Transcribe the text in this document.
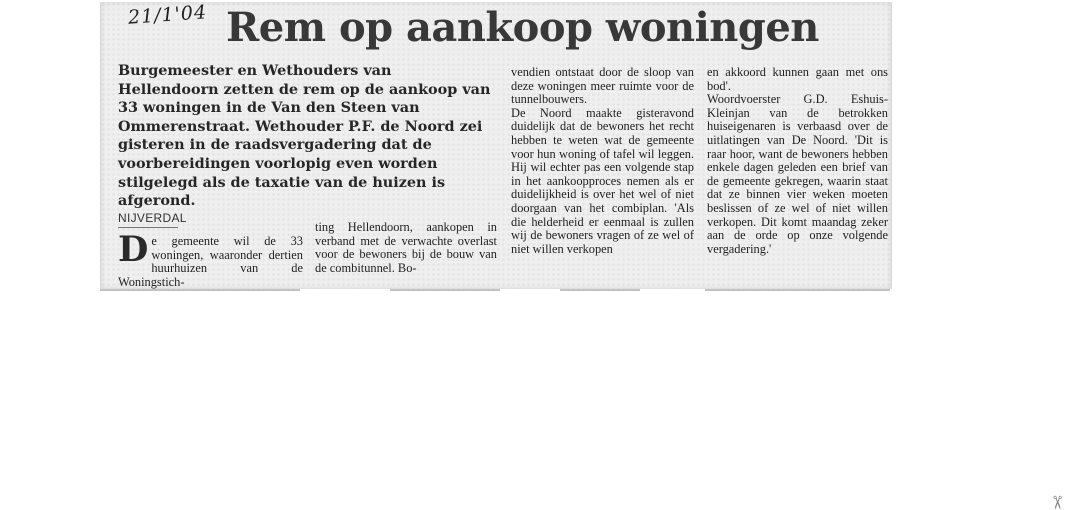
21/1'04 Rem op aankoop woningen

Burgemeester en Wethouders van Hellendoorn zetten de rem op de aankoop van 33 woningen in de Van den Steen van Ommerenstraat. Wethouder P.F. de Noord zei gisteren in de raadsvergadering dat de voorbereidingen voorlopig even worden stilgelegd als de taxatie van de huizen is afgerond.

NIJVERDAL

De gemeente wil de 33 woningen, waaronder dertien huurhuizen van de Woningstich-

ting Hellendoorn, aankopen in verband met de verwachte overlast voor de bewoners bij de bouw van de combitunnel. Bo-

vendien ontstaat door de sloop van deze woningen meer ruimte voor de tunnelbouwers.

De Noord maakte gisteravond duidelijk dat de bewoners het recht hebben te weten wat de gemeente voor hun woning of tafel wil leggen. Hij wil echter pas een volgende stap in het aankoopproces nemen als er duidelijkheid is over het wel of niet doorgaan van het combiplan. 'Als die helderheid er eenmaal is zullen wij de bewoners vragen of ze wel of niet willen verkopen

en akkoord kunnen gaan met ons bod'.

Woordvoerster G.D. Eshuis-Kleinjan van de betrokken huiseigenaren is verbaasd over de uitlatingen van De Noord. 'Dit is raar hoor, want de bewoners hebben enkele dagen geleden een brief van de gemeente gekregen, waarin staat dat ze binnen vier weken moeten beslissen of ze wel of niet willen verkopen. Dit komt maandag zeker aan de orde op onze volgende vergadering.'

✂
